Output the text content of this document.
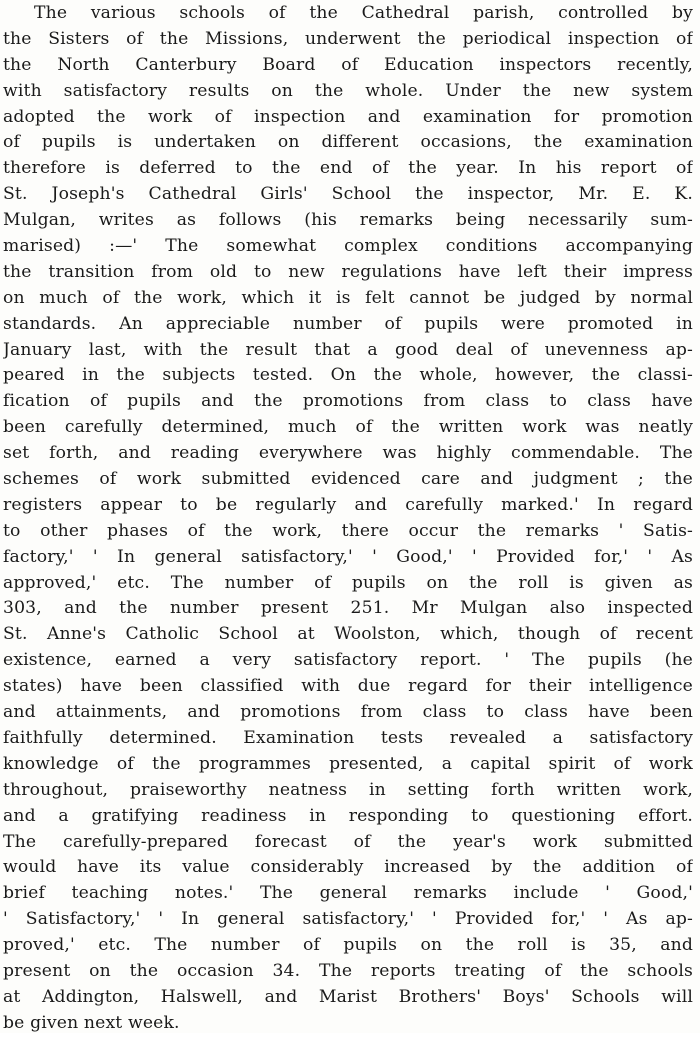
The various schools of the Cathedral parish, controlled by
the Sisters of the Missions, underwent the periodical inspection of
the North Canterbury Board of Education inspectors recently,
with satisfactory results on the whole. Under the new system
adopted the work of inspection and examination for promotion
of pupils is undertaken on different occasions, the examination
therefore is deferred to the end of the year. In his report of
St. Joseph's Cathedral Girls' School the inspector, Mr. E. K.
Mulgan, writes as follows (his remarks being necessarily sum-
marised) :—' The somewhat complex conditions accompanying
the transition from old to new regulations have left their impress
on much of the work, which it is felt cannot be judged by normal
standards. An appreciable number of pupils were promoted in
January last, with the result that a good deal of unevenness ap-
peared in the subjects tested. On the whole, however, the classi-
fication of pupils and the promotions from class to class have
been carefully determined, much of the written work was neatly
set forth, and reading everywhere was highly commendable. The
schemes of work submitted evidenced care and judgment ; the
registers appear to be regularly and carefully marked.' In regard
to other phases of the work, there occur the remarks ' Satis-
factory,' ' In general satisfactory,' ' Good,' ' Provided for,' ' As
approved,' etc. The number of pupils on the roll is given as
303, and the number present 251. Mr Mulgan also inspected
St. Anne's Catholic School at Woolston, which, though of recent
existence, earned a very satisfactory report. ' The pupils (he
states) have been classified with due regard for their intelligence
and attainments, and promotions from class to class have been
faithfully determined. Examination tests revealed a satisfactory
knowledge of the programmes presented, a capital spirit of work
throughout, praiseworthy neatness in setting forth written work,
and a gratifying readiness in responding to questioning effort.
The carefully-prepared forecast of the year's work submitted
would have its value considerably increased by the addition of
brief teaching notes.' The general remarks include ' Good,'
' Satisfactory,' ' In general satisfactory,' ' Provided for,' ' As ap-
proved,' etc. The number of pupils on the roll is 35, and
present on the occasion 34. The reports treating of the schools
at Addington, Halswell, and Marist Brothers' Boys' Schools will
be given next week.
